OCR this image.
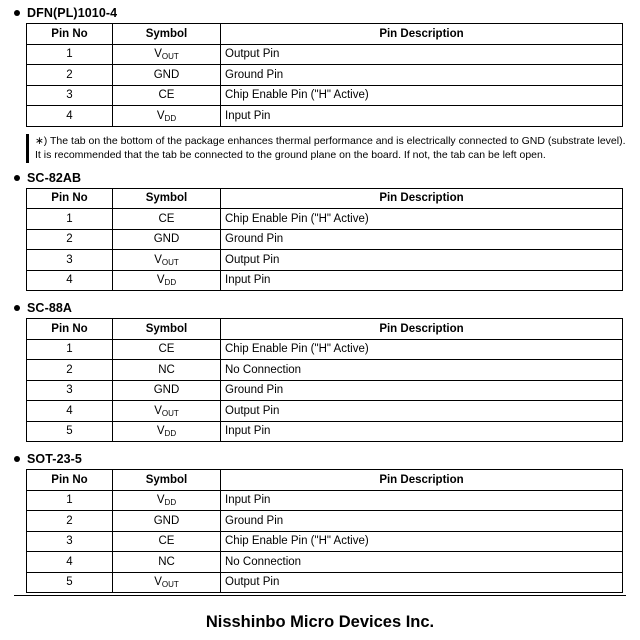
DFN(PL)1010-4
Pin No	Symbol	Pin Description
1	$V_{OUT}$	Output Pin
2	GND	Ground Pin
3	CE	Chip Enable Pin ("H" Active)
4	$V_{DD}$	Input Pin
∗) The tab on the bottom of the package enhances thermal performance and is electrically connected to GND (substrate level). It is recommended that the tab be connected to the ground plane on the board. If not, the tab can be left open.
SC-82AB
Pin No	Symbol	Pin Description
1	CE	Chip Enable Pin ("H" Active)
2	GND	Ground Pin
3	$V_{OUT}$	Output Pin
4	$V_{DD}$	Input Pin
SC-88A
Pin No	Symbol	Pin Description
1	CE	Chip Enable Pin ("H" Active)
2	NC	No Connection
3	GND	Ground Pin
4	$V_{OUT}$	Output Pin
5	$V_{DD}$	Input Pin
SOT-23-5
Pin No	Symbol	Pin Description
1	$V_{DD}$	Input Pin
2	GND	Ground Pin
3	CE	Chip Enable Pin ("H" Active)
4	NC	No Connection
5	$V_{OUT}$	Output Pin
Nisshinbo Micro Devices Inc.
